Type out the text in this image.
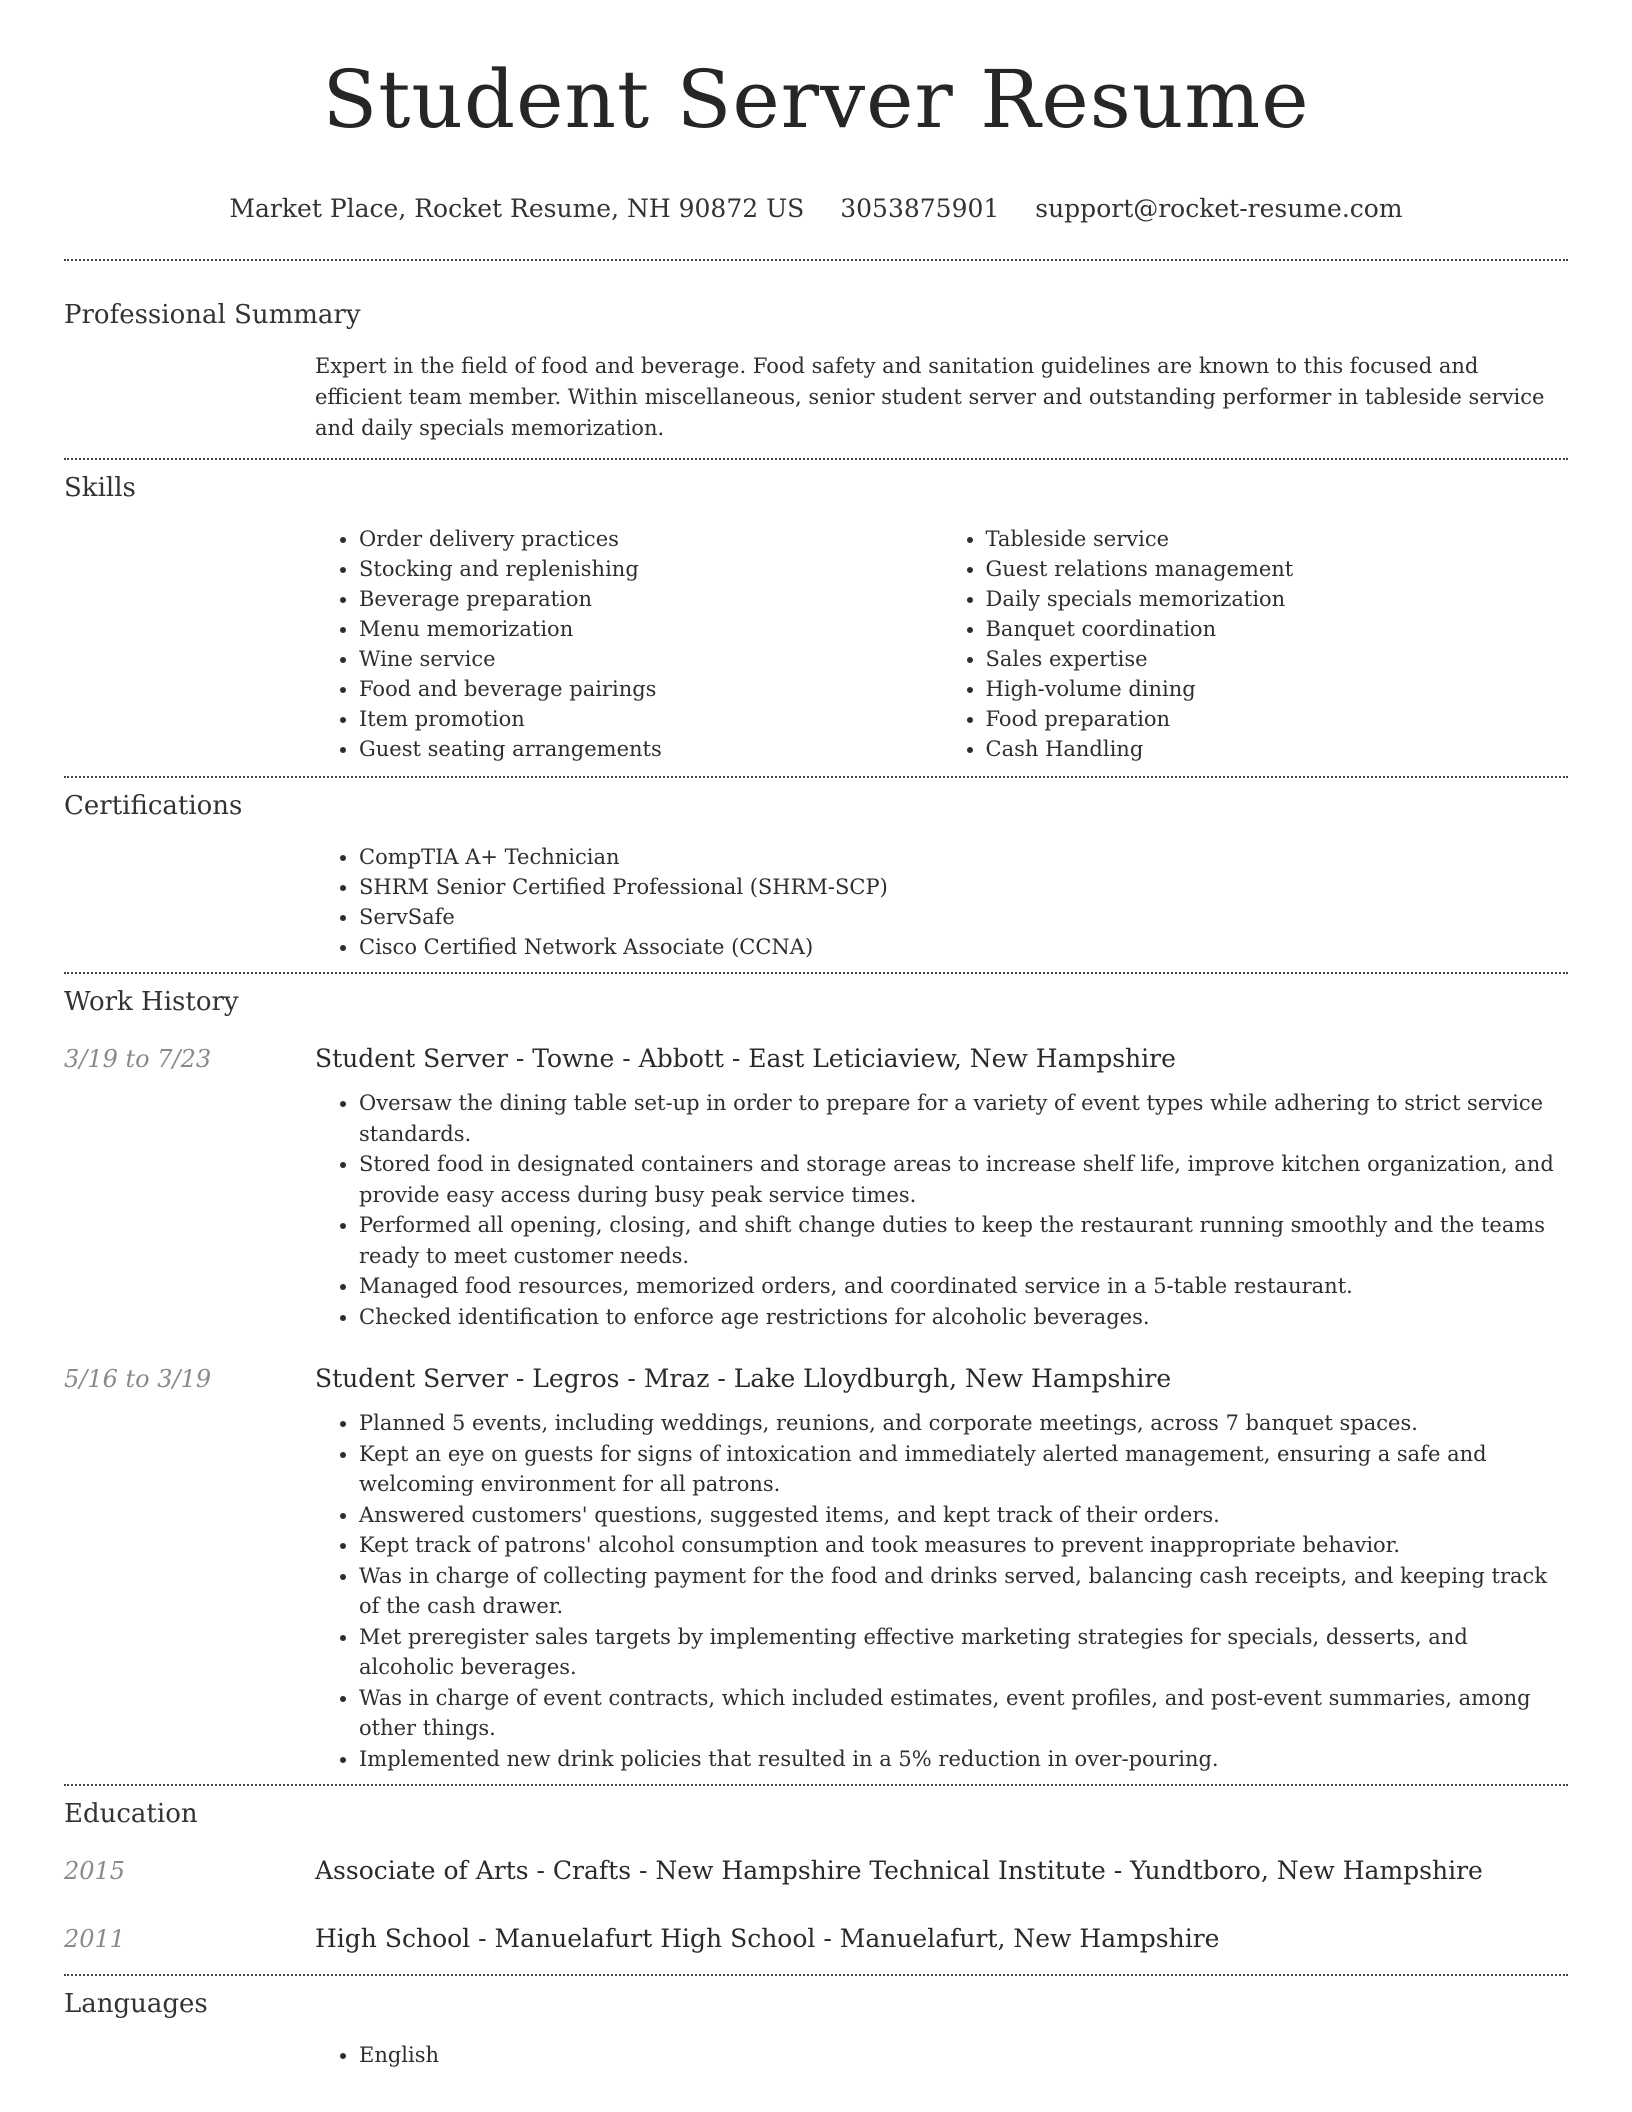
Student Server Resume
Market Place, Rocket Resume, NH 90872 US 3053875901 support@rocket-resume.com
Professional Summary
Expert in the field of food and beverage. Food safety and sanitation guidelines are known to this focused and efficient team member. Within miscellaneous, senior student server and outstanding performer in tableside service and daily specials memorization.
Skills
• Order delivery practices
• Stocking and replenishing
• Beverage preparation
• Menu memorization
• Wine service
• Food and beverage pairings
• Item promotion
• Guest seating arrangements
• Tableside service
• Guest relations management
• Daily specials memorization
• Banquet coordination
• Sales expertise
• High-volume dining
• Food preparation
• Cash Handling
Certifications
• CompTIA A+ Technician
• SHRM Senior Certified Professional (SHRM-SCP)
• ServSafe
• Cisco Certified Network Associate (CCNA)
Work History
3/19 to 7/23	Student Server - Towne - Abbott - East Leticiaview, New Hampshire
• Oversaw the dining table set-up in order to prepare for a variety of event types while adhering to strict service standards.
• Stored food in designated containers and storage areas to increase shelf life, improve kitchen organization, and provide easy access during busy peak service times.
• Performed all opening, closing, and shift change duties to keep the restaurant running smoothly and the teams ready to meet customer needs.
• Managed food resources, memorized orders, and coordinated service in a 5-table restaurant.
• Checked identification to enforce age restrictions for alcoholic beverages.
5/16 to 3/19	Student Server - Legros - Mraz - Lake Lloydburgh, New Hampshire
• Planned 5 events, including weddings, reunions, and corporate meetings, across 7 banquet spaces.
• Kept an eye on guests for signs of intoxication and immediately alerted management, ensuring a safe and welcoming environment for all patrons.
• Answered customers' questions, suggested items, and kept track of their orders.
• Kept track of patrons' alcohol consumption and took measures to prevent inappropriate behavior.
• Was in charge of collecting payment for the food and drinks served, balancing cash receipts, and keeping track of the cash drawer.
• Met preregister sales targets by implementing effective marketing strategies for specials, desserts, and alcoholic beverages.
• Was in charge of event contracts, which included estimates, event profiles, and post-event summaries, among other things.
• Implemented new drink policies that resulted in a 5% reduction in over-pouring.
Education
2015	Associate of Arts - Crafts - New Hampshire Technical Institute - Yundtboro, New Hampshire
2011	High School - Manuelafurt High School - Manuelafurt, New Hampshire
Languages
• English
